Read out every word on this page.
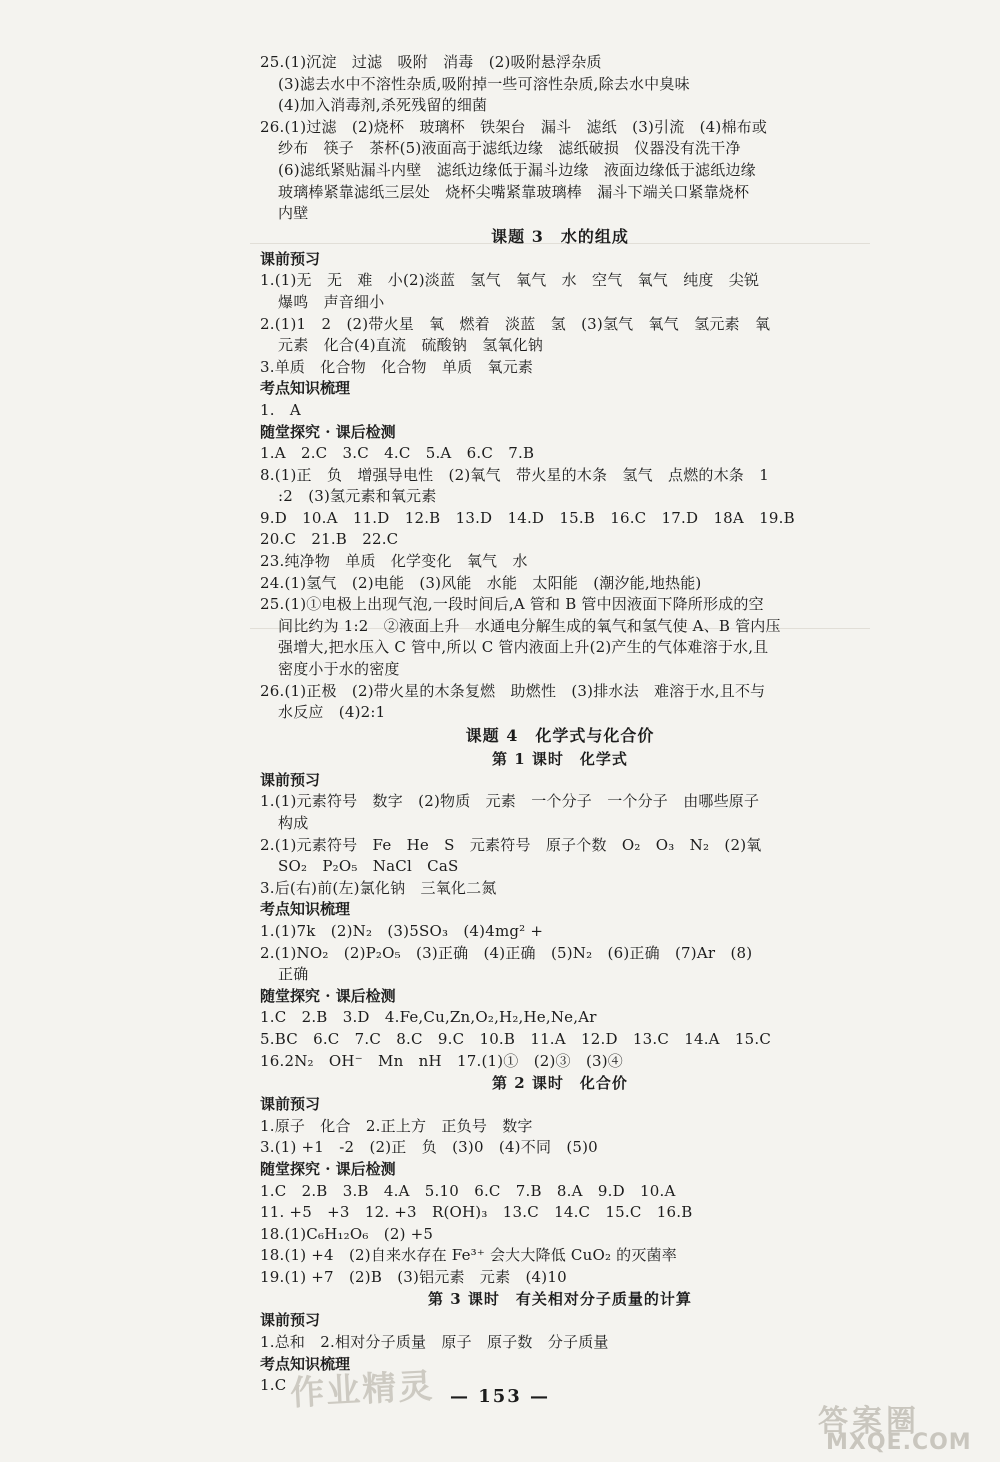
25.(1)沉淀　过滤　吸附　消毒　(2)吸附悬浮杂质
(3)滤去水中不溶性杂质,吸附掉一些可溶性杂质,除去水中臭味
(4)加入消毒剂,杀死残留的细菌
26.(1)过滤　(2)烧杯　玻璃杯　铁架台　漏斗　滤纸　(3)引流　(4)棉布或
纱布　筷子　茶杯(5)液面高于滤纸边缘　滤纸破损　仪器没有洗干净
(6)滤纸紧贴漏斗内壁　滤纸边缘低于漏斗边缘　液面边缘低于滤纸边缘
玻璃棒紧靠滤纸三层处　烧杯尖嘴紧靠玻璃棒　漏斗下端关口紧靠烧杯
内壁
课题 3　水的组成
课前预习
1.(1)无　无　难　小(2)淡蓝　氢气　氧气　水　空气　氧气　纯度　尖锐
爆鸣　声音细小
2.(1)1　2　(2)带火星　氧　燃着　淡蓝　氢　(3)氢气　氧气　氢元素　氧
元素　化合(4)直流　硫酸钠　氢氧化钠
3.单质　化合物　化合物　单质　氧元素
考点知识梳理
1.　A
随堂探究 · 课后检测
1.A　2.C　3.C　4.C　5.A　6.C　7.B
8.(1)正　负　增强导电性　(2)氧气　带火星的木条　氢气　点燃的木条　1
:2　(3)氢元素和氧元素
9.D　10.A　11.D　12.B　13.D　14.D　15.B　16.C　17.D　18A　19.B
20.C　21.B　22.C
23.纯净物　单质　化学变化　氧气　水
24.(1)氢气　(2)电能　(3)风能　水能　太阳能　(潮汐能,地热能)
25.(1)①电极上出现气泡,一段时间后,A 管和 B 管中因液面下降所形成的空
间比约为 1:2　②液面上升　水通电分解生成的氧气和氢气使 A、B 管内压
强增大,把水压入 C 管中,所以 C 管内液面上升(2)产生的气体难溶于水,且
密度小于水的密度
26.(1)正极　(2)带火星的木条复燃　助燃性　(3)排水法　难溶于水,且不与
水反应　(4)2:1
课题 4　化学式与化合价
第 1 课时　化学式
课前预习
1.(1)元素符号　数字　(2)物质　元素　一个分子　一个分子　由哪些原子
构成
2.(1)元素符号　Fe　He　S　元素符号　原子个数　O₂　O₃　N₂　(2)氧
SO₂　P₂O₅　NaCl　CaS
3.后(右)前(左)氯化钠　三氧化二氮
考点知识梳理
1.(1)7k　(2)N₂　(3)5SO₃　(4)4mg² +
2.(1)NO₂　(2)P₂O₅　(3)正确　(4)正确　(5)N₂　(6)正确　(7)Ar　(8)
正确
随堂探究 · 课后检测
1.C　2.B　3.D　4.Fe,Cu,Zn,O₂,H₂,He,Ne,Ar
5.BC　6.C　7.C　8.C　9.C　10.B　11.A　12.D　13.C　14.A　15.C
16.2N₂　OH⁻　Mn　nH　17.(1)①　(2)③　(3)④
第 2 课时　化合价
课前预习
1.原子　化合　2.正上方　正负号　数字
3.(1) +1　-2　(2)正　负　(3)0　(4)不同　(5)0
随堂探究 · 课后检测
1.C　2.B　3.B　4.A　5.10　6.C　7.B　8.A　9.D　10.A
11. +5　+3　12. +3　R(OH)₃　13.C　14.C　15.C　16.B
18.(1)C₆H₁₂O₆　(2) +5
18.(1) +4　(2)自来水存在 Fe³⁺ 会大大降低 CuO₂ 的灭菌率
19.(1) +7　(2)B　(3)铝元素　元素　(4)10
第 3 课时　有关相对分子质量的计算
课前预习
1.总和　2.相对分子质量　原子　原子数　分子质量
考点知识梳理
1.C 作业精灵 — 153 —
答案圈
MXQE.COM
